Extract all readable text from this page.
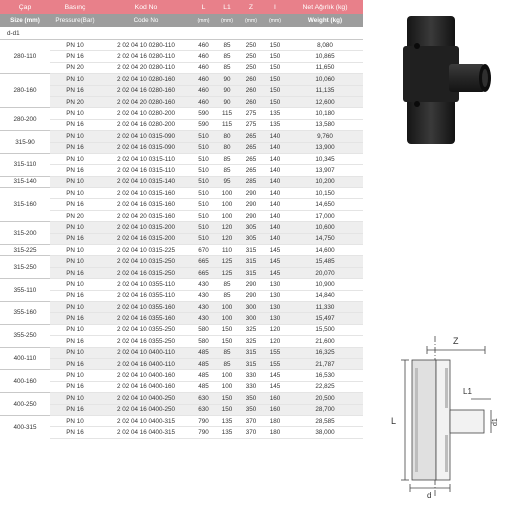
Çap	Basınç	Kod No	L	L1	Z	I	Net Ağırlık (kg)
Size (mm)	Pressure(Bar)	Code No	(mm)	(mm)	(mm)	(mm)	Weight (kg)
d-d1							
280-110	PN 10	2 02 04 10 0280-110	460	85	250	150	8,080
	PN 16	2 02 04 16 0280-110	460	85	250	150	10,865
	PN 20	2 02 04 20 0280-110	460	85	250	150	11,650
280-160	PN 10	2 02 04 10 0280-160	460	90	260	150	10,060
	PN 16	2 02 04 16 0280-160	460	90	260	150	11,135
	PN 20	2 02 04 20 0280-160	460	90	260	150	12,600
280-200	PN 10	2 02 04 10 0280-200	590	115	275	135	10,180
	PN 16	2 02 04 16 0280-200	590	115	275	135	13,580
315-90	PN 10	2 02 04 10 0315-090	510	80	265	140	9,760
	PN 16	2 02 04 16 0315-090	510	80	265	140	13,900
315-110	PN 10	2 02 04 10 0315-110	510	85	265	140	10,345
	PN 16	2 02 04 16 0315-110	510	85	265	140	13,907
315-140	PN 10	2 02 04 10 0315-140	510	95	285	140	10,200
315-160	PN 10	2 02 04 10 0315-160	510	100	290	140	10,150
	PN 16	2 02 04 16 0315-160	510	100	290	140	14,650
	PN 20	2 02 04 20 0315-160	510	100	290	140	17,000
315-200	PN 10	2 02 04 10 0315-200	510	120	305	140	10,600
	PN 16	2 02 04 16 0315-200	510	120	305	140	14,750
315-225	PN 10	2 02 04 10 0315-225	670	110	315	145	14,600
315-250	PN 10	2 02 04 10 0315-250	665	125	315	145	15,485
	PN 16	2 02 04 16 0315-250	665	125	315	145	20,070
355-110	PN 10	2 02 04 10 0355-110	430	85	290	130	10,900
	PN 16	2 02 04 16 0355-110	430	85	290	130	14,840
355-160	PN 10	2 02 04 10 0355-160	430	100	300	130	11,330
	PN 16	2 02 04 16 0355-160	430	100	300	130	15,497
355-250	PN 10	2 02 04 10 0355-250	580	150	325	120	15,500
	PN 16	2 02 04 16 0355-250	580	150	325	120	21,600
400-110	PN 10	2 02 04 10 0400-110	485	85	315	155	16,325
	PN 16	2 02 04 16 0400-110	485	85	315	155	21,787
400-160	PN 10	2 02 04 10 0400-160	485	100	330	145	16,530
	PN 16	2 02 04 16 0400-160	485	100	330	145	22,825
400-250	PN 10	2 02 04 10 0400-250	630	150	350	160	20,500
	PN 16	2 02 04 16 0400-250	630	150	350	160	28,700
400-315	PN 10	2 02 04 10 0400-315	790	135	370	180	28,585
	PN 16	2 02 04 16 0400-315	790	135	370	180	38,000
Z
L
L1
d1
d
